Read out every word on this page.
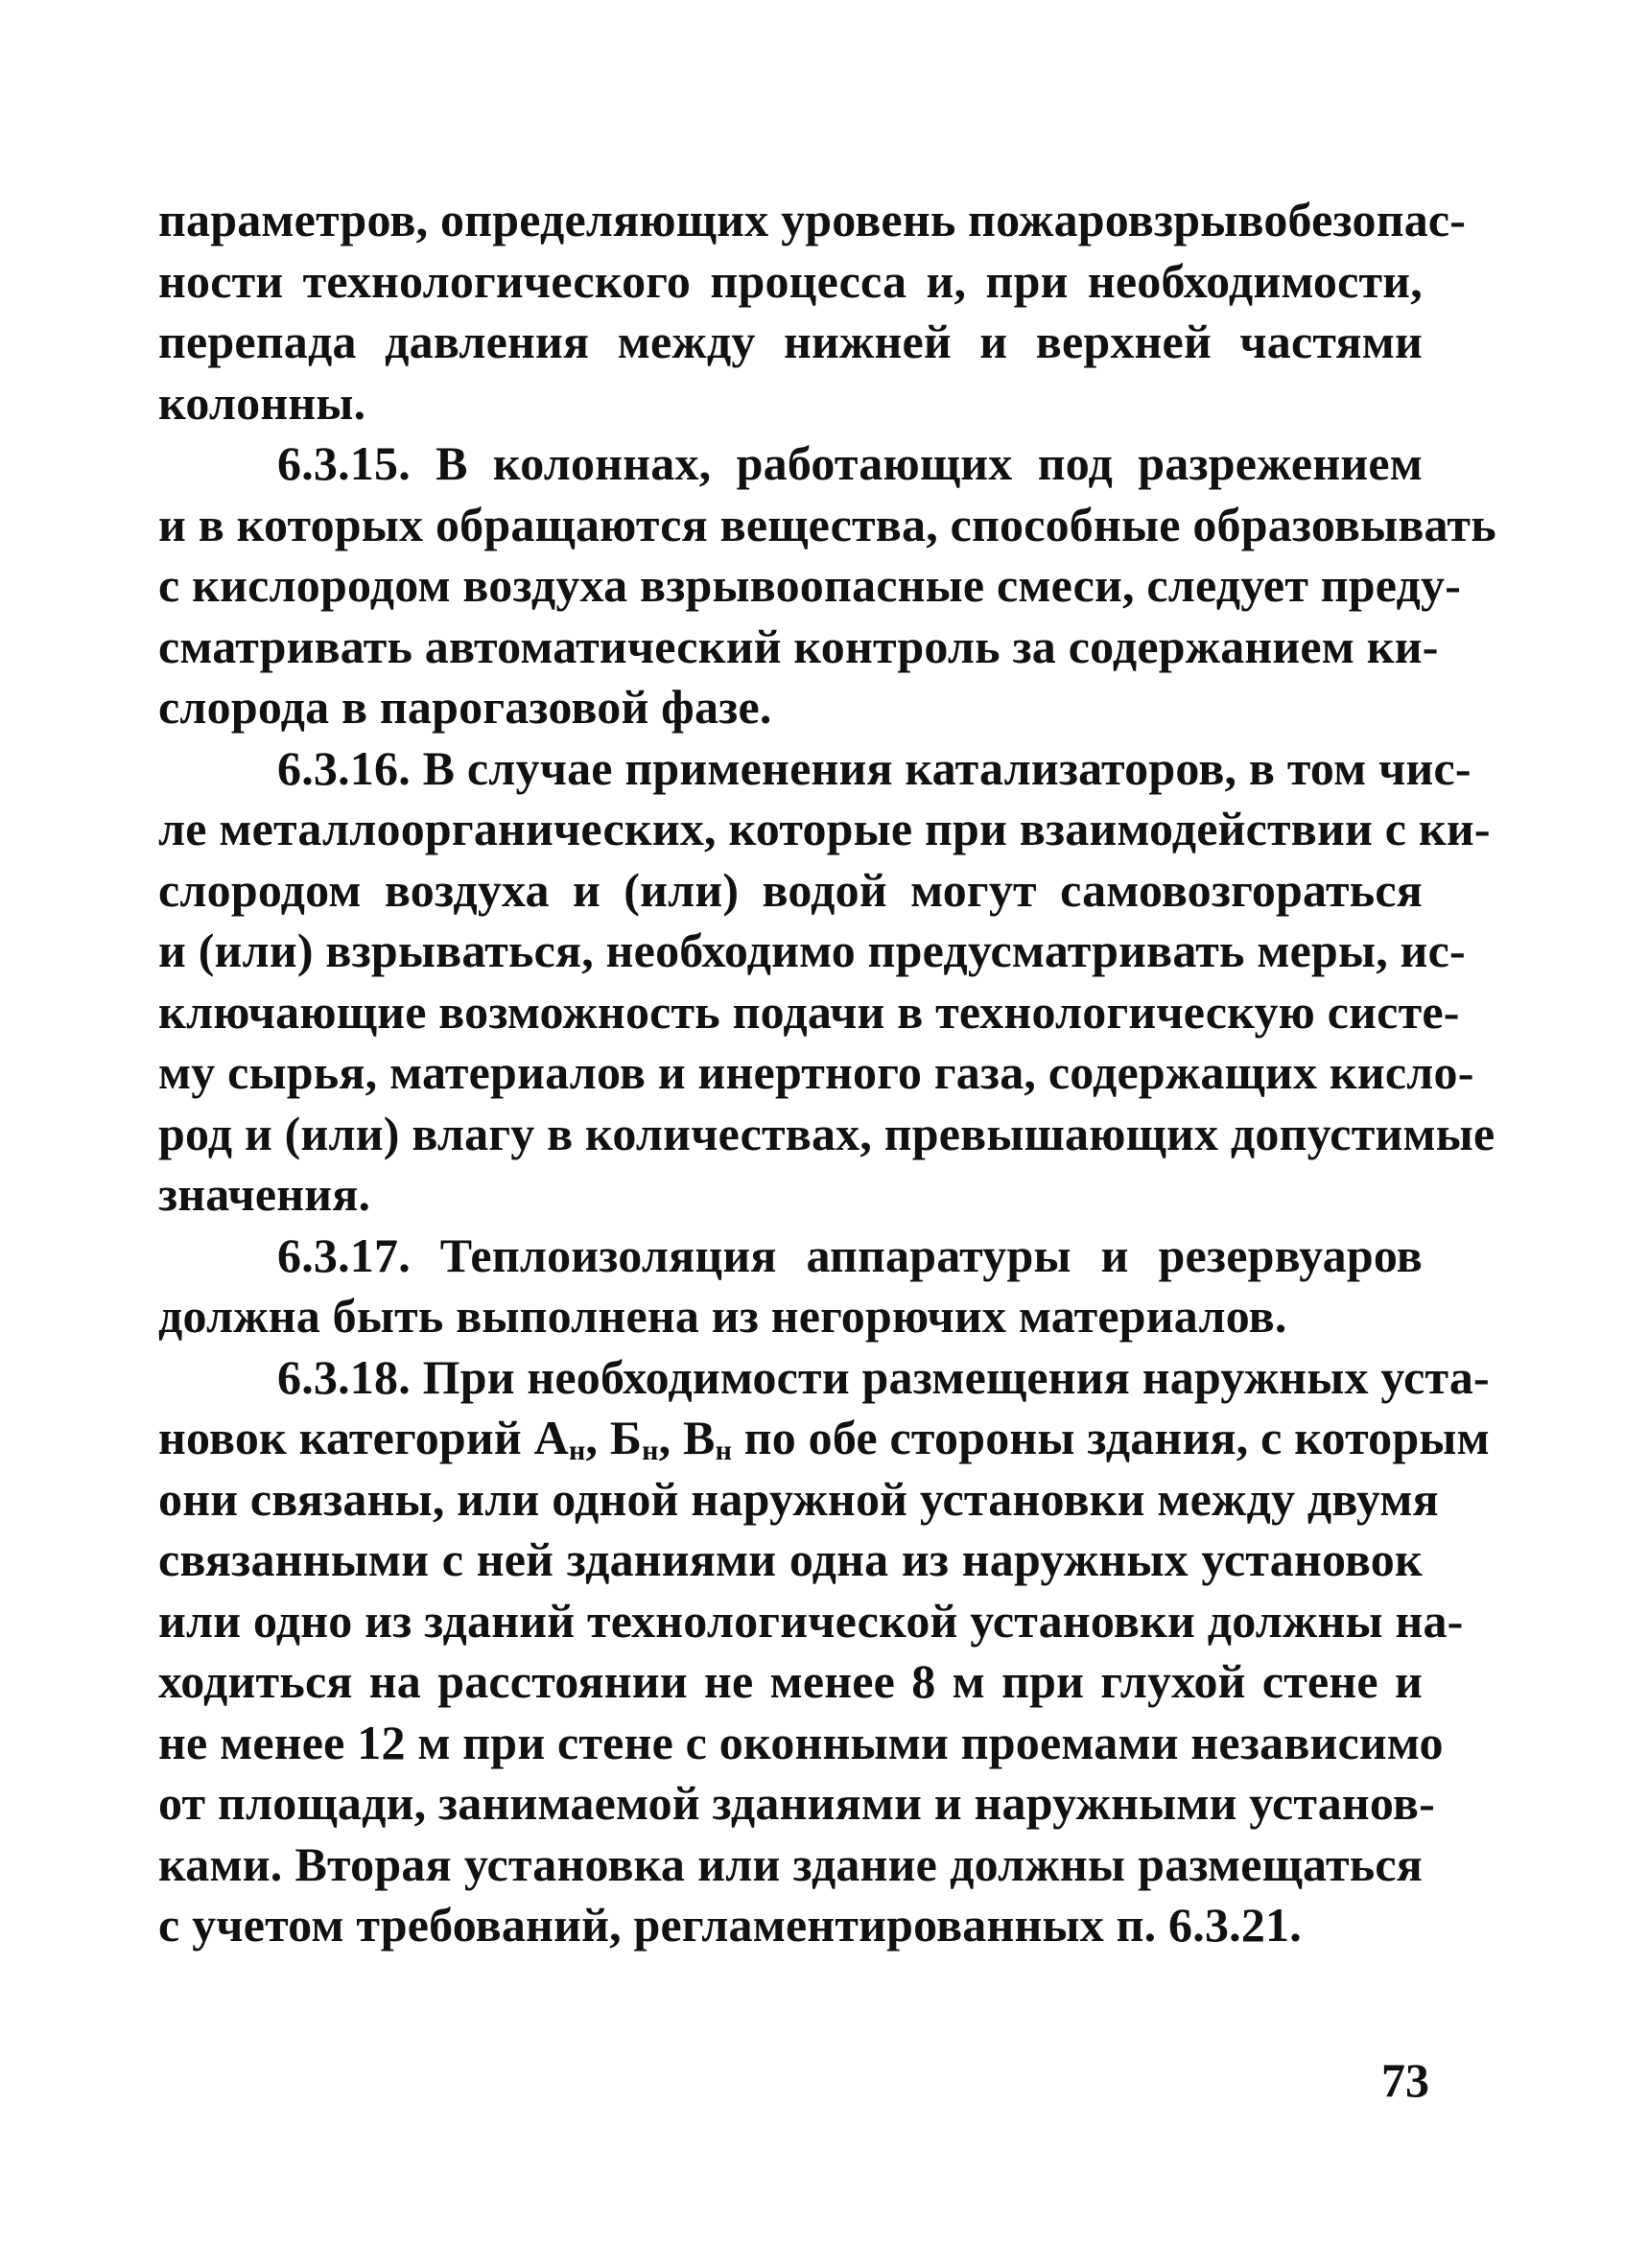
параметров, определяющих уровень пожаровзрывобезопас-
ности технологического процесса и, при необходимости,
перепада давления между нижней и верхней частями
колонны.
6.3.15. В колоннах, работающих под разрежением
и в которых обращаются вещества, способные образовывать
с кислородом воздуха взрывоопасные смеси, следует преду-
сматривать автоматический контроль за содержанием ки-
слорода в парогазовой фазе.
6.3.16. В случае применения катализаторов, в том чис-
ле металлоорганических, которые при взаимодействии с ки-
слородом воздуха и (или) водой могут самовозгораться
и (или) взрываться, необходимо предусматривать меры, ис-
ключающие возможность подачи в технологическую систе-
му сырья, материалов и инертного газа, содержащих кисло-
род и (или) влагу в количествах, превышающих допустимые
значения.
6.3.17. Теплоизоляция аппаратуры и резервуаров
должна быть выполнена из негорючих материалов.
6.3.18. При необходимости размещения наружных уста-
новок категорий $А_н$, $Б_н$, $В_н$ по обе стороны здания, с которым
они связаны, или одной наружной установки между двумя
связанными с ней зданиями одна из наружных установок
или одно из зданий технологической установки должны на-
ходиться на расстоянии не менее 8 м при глухой стене и
не менее 12 м при стене с оконными проемами независимо
от площади, занимаемой зданиями и наружными установ-
ками. Вторая установка или здание должны размещаться
с учетом требований, регламентированных п. 6.3.21.
73
